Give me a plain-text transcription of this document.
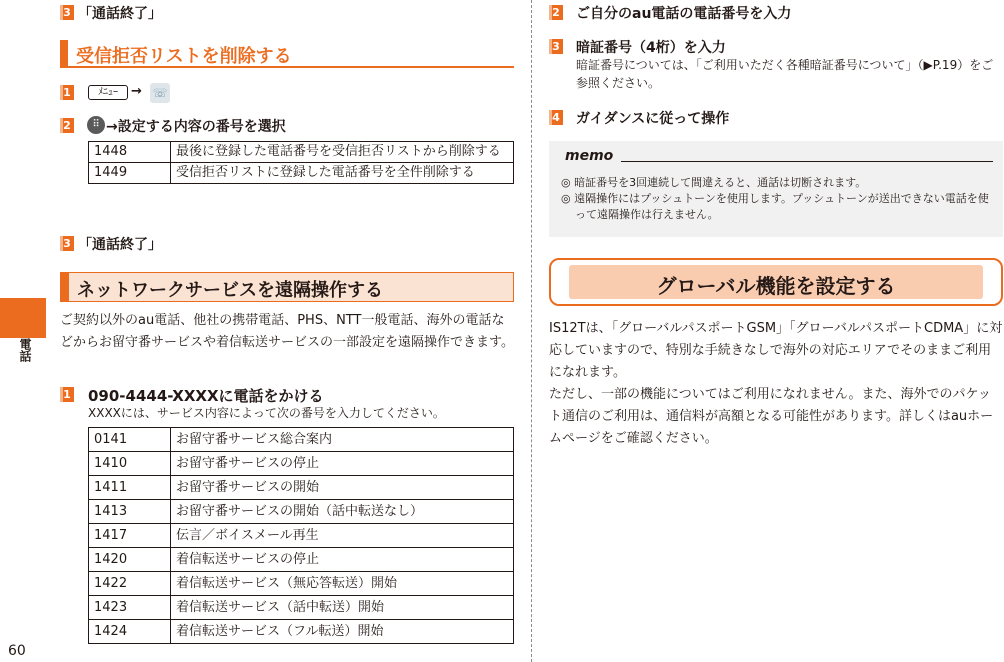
電話
60
3 「通話終了」
受信拒否リストを削除する
1	ﾒﾆｭｰ	→ ☏
2	⠿ →設定する内容の番号を選択
1448	最後に登録した電話番号を受信拒否リストから削除する
1449	受信拒否リストに登録した電話番号を全件削除する
3 「通話終了」
ネットワークサービスを遠隔操作する
ご契約以外のau電話、他社の携帯電話、PHS、NTT一般電話、海外の電話などからお留守番サービスや着信転送サービスの一部設定を遠隔操作できます。
1 090-4444-XXXXに電話をかける
XXXXには、サービス内容によって次の番号を入力してください。
0141	お留守番サービス総合案内
1410	お留守番サービスの停止
1411	お留守番サービスの開始
1413	お留守番サービスの開始（話中転送なし）
1417	伝言／ボイスメール再生
1420	着信転送サービスの停止
1422	着信転送サービス（無応答転送）開始
1423	着信転送サービス（話中転送）開始
1424	着信転送サービス（フル転送）開始
2 ご自分のau電話の電話番号を入力
3 暗証番号（4桁）を入力
暗証番号については、「ご利用いただく各種暗証番号について」（▶P.19）をご参照ください。
4 ガイダンスに従って操作
memo
◎ 暗証番号を3回連続して間違えると、通話は切断されます。
◎ 遠隔操作にはプッシュトーンを使用します。プッシュトーンが送出できない電話を使って遠隔操作は行えません。
グローバル機能を設定する

IS12Tは、「グローバルパスポートGSM」「グローバルパスポートCDMA」に対応していますので、特別な手続きなしで海外の対応エリアでそのままご利用になれます。

ただし、一部の機能についてはご利用になれません。また、海外でのパケット通信のご利用は、通信料が高額となる可能性があります。詳しくはauホームページをご確認ください。
